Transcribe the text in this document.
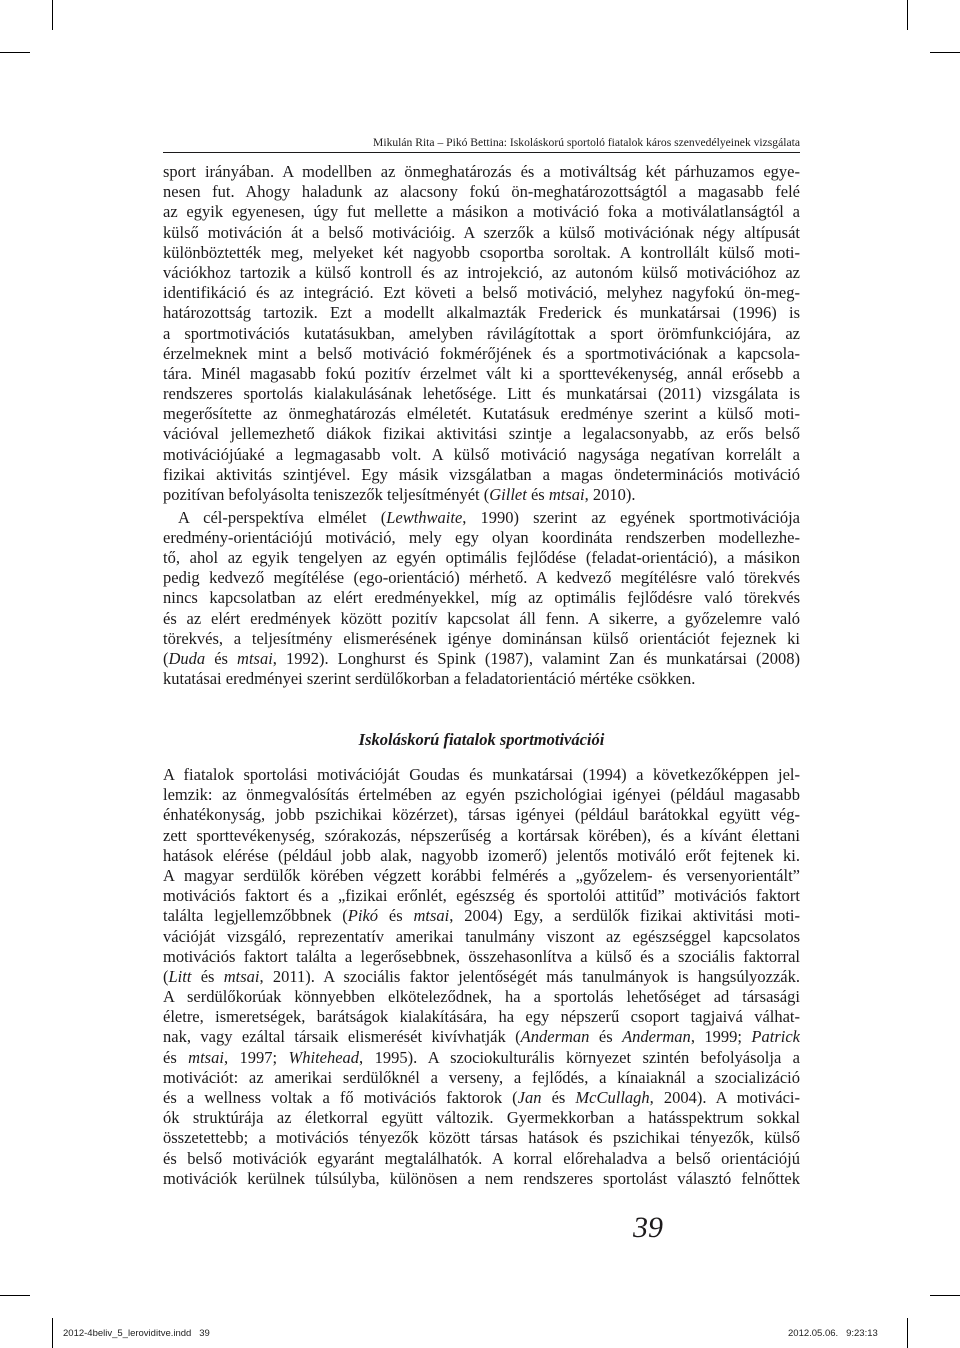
Mikulán Rita – Pikó Bettina: Iskoláskorú sportoló fiatalok káros szenvedélyeinek vizsgálata
sport irányában. A modellben az önmeghatározás és a motiváltság két párhuzamos egye-
nesen fut. Ahogy haladunk az alacsony fokú ön-meghatározottságtól a magasabb felé
az egyik egyenesen, úgy fut mellette a másikon a motiváció foka a motiválatlanságtól a
külső motiváción át a belső motivációig. A szerzők a külső motivációnak négy altípusát
különböztették meg, melyeket két nagyobb csoportba soroltak. A kontrollált külső moti-
vációkhoz tartozik a külső kontroll és az introjekció, az autonóm külső motivációhoz az
identifikáció és az integráció. Ezt követi a belső motiváció, melyhez nagyfokú ön-meg-
határozottság tartozik. Ezt a modellt alkalmazták Frederick és munkatársai (1996) is
a sportmotivációs kutatásukban, amelyben rávilágítottak a sport örömfunkciójára, az
érzelmeknek mint a belső motiváció fokmérőjének és a sportmotivációnak a kapcsola-
tára. Minél magasabb fokú pozitív érzelmet vált ki a sporttevékenység, annál erősebb a
rendszeres sportolás kialakulásának lehetősége. Litt és munkatársai (2011) vizsgálata is
megerősítette az önmeghatározás elméletét. Kutatásuk eredménye szerint a külső moti-
vációval jellemezhető diákok fizikai aktivitási szintje a legalacsonyabb, az erős belső
motivációjúaké a legmagasabb volt. A külső motiváció nagysága negatívan korrelált a
fizikai aktivitás szintjével. Egy másik vizsgálatban a magas öndeterminációs motiváció
pozitívan befolyásolta teniszezők teljesítményét (Gillet és mtsai, 2010).
A cél-perspektíva elmélet (Lewthwaite, 1990) szerint az egyének sportmotivációja
eredmény-orientációjú motiváció, mely egy olyan koordináta rendszerben modellezhe-
tő, ahol az egyik tengelyen az egyén optimális fejlődése (feladat-orientáció), a másikon
pedig kedvező megítélése (ego-orientáció) mérhető. A kedvező megítélésre való törekvés
nincs kapcsolatban az elért eredményekkel, míg az optimális fejlődésre való törekvés
és az elért eredmények között pozitív kapcsolat áll fenn. A sikerre, a győzelemre való
törekvés, a teljesítmény elismerésének igénye dominánsan külső orientációt fejeznek ki
(Duda és mtsai, 1992). Longhurst és Spink (1987), valamint Zan és munkatársai (2008)
kutatásai eredményei szerint serdülőkorban a feladatorientáció mértéke csökken.
Iskoláskorú fiatalok sportmotivációi
A fiatalok sportolási motivációját Goudas és munkatársai (1994) a következőképpen jel-
lemzik: az önmegvalósítás értelmében az egyén pszichológiai igényei (például magasabb
énhatékonyság, jobb pszichikai közérzet), társas igényei (például barátokkal együtt vég-
zett sporttevékenység, szórakozás, népszerűség a kortársak körében), és a kívánt élettani
hatások elérése (például jobb alak, nagyobb izomerő) jelentős motiváló erőt fejtenek ki.
A magyar serdülők körében végzett korábbi felmérés a „győzelem- és versenyorientált”
motivációs faktort és a „fizikai erőnlét, egészség és sportolói attitűd” motivációs faktort
találta legjellemzőbbnek (Pikó és mtsai, 2004) Egy, a serdülők fizikai aktivitási moti-
vációját vizsgáló, reprezentatív amerikai tanulmány viszont az egészséggel kapcsolatos
motivációs faktort találta a legerősebbnek, összehasonlítva a külső és a szociális faktorral
(Litt és mtsai, 2011). A szociális faktor jelentőségét más tanulmányok is hangsúlyozzák.
A serdülőkorúak könnyebben elköteleződnek, ha a sportolás lehetőséget ad társasági
életre, ismeretségek, barátságok kialakítására, ha egy népszerű csoport tagjaivá válhat-
nak, vagy ezáltal társaik elismerését kivívhatják (Anderman és Anderman, 1999; Patrick
és mtsai, 1997; Whitehead, 1995). A szociokulturális környezet szintén befolyásolja a
motivációt: az amerikai serdülőknél a verseny, a fejlődés, a kínaiaknál a szocializáció
és a wellness voltak a fő motivációs faktorok (Jan és McCullagh, 2004). A motiváci-
ók struktúrája az életkorral együtt változik. Gyermekkorban a hatásspektrum sokkal
összetettebb; a motivációs tényezők között társas hatások és pszichikai tényezők, külső
és belső motivációk egyaránt megtalálhatók. A korral előrehaladva a belső orientációjú
motivációk kerülnek túlsúlyba, különösen a nem rendszeres sportolást választó felnőttek
39
2012-4beliv_5_leroviditve.indd   39	2012.05.06.   9:23:13
